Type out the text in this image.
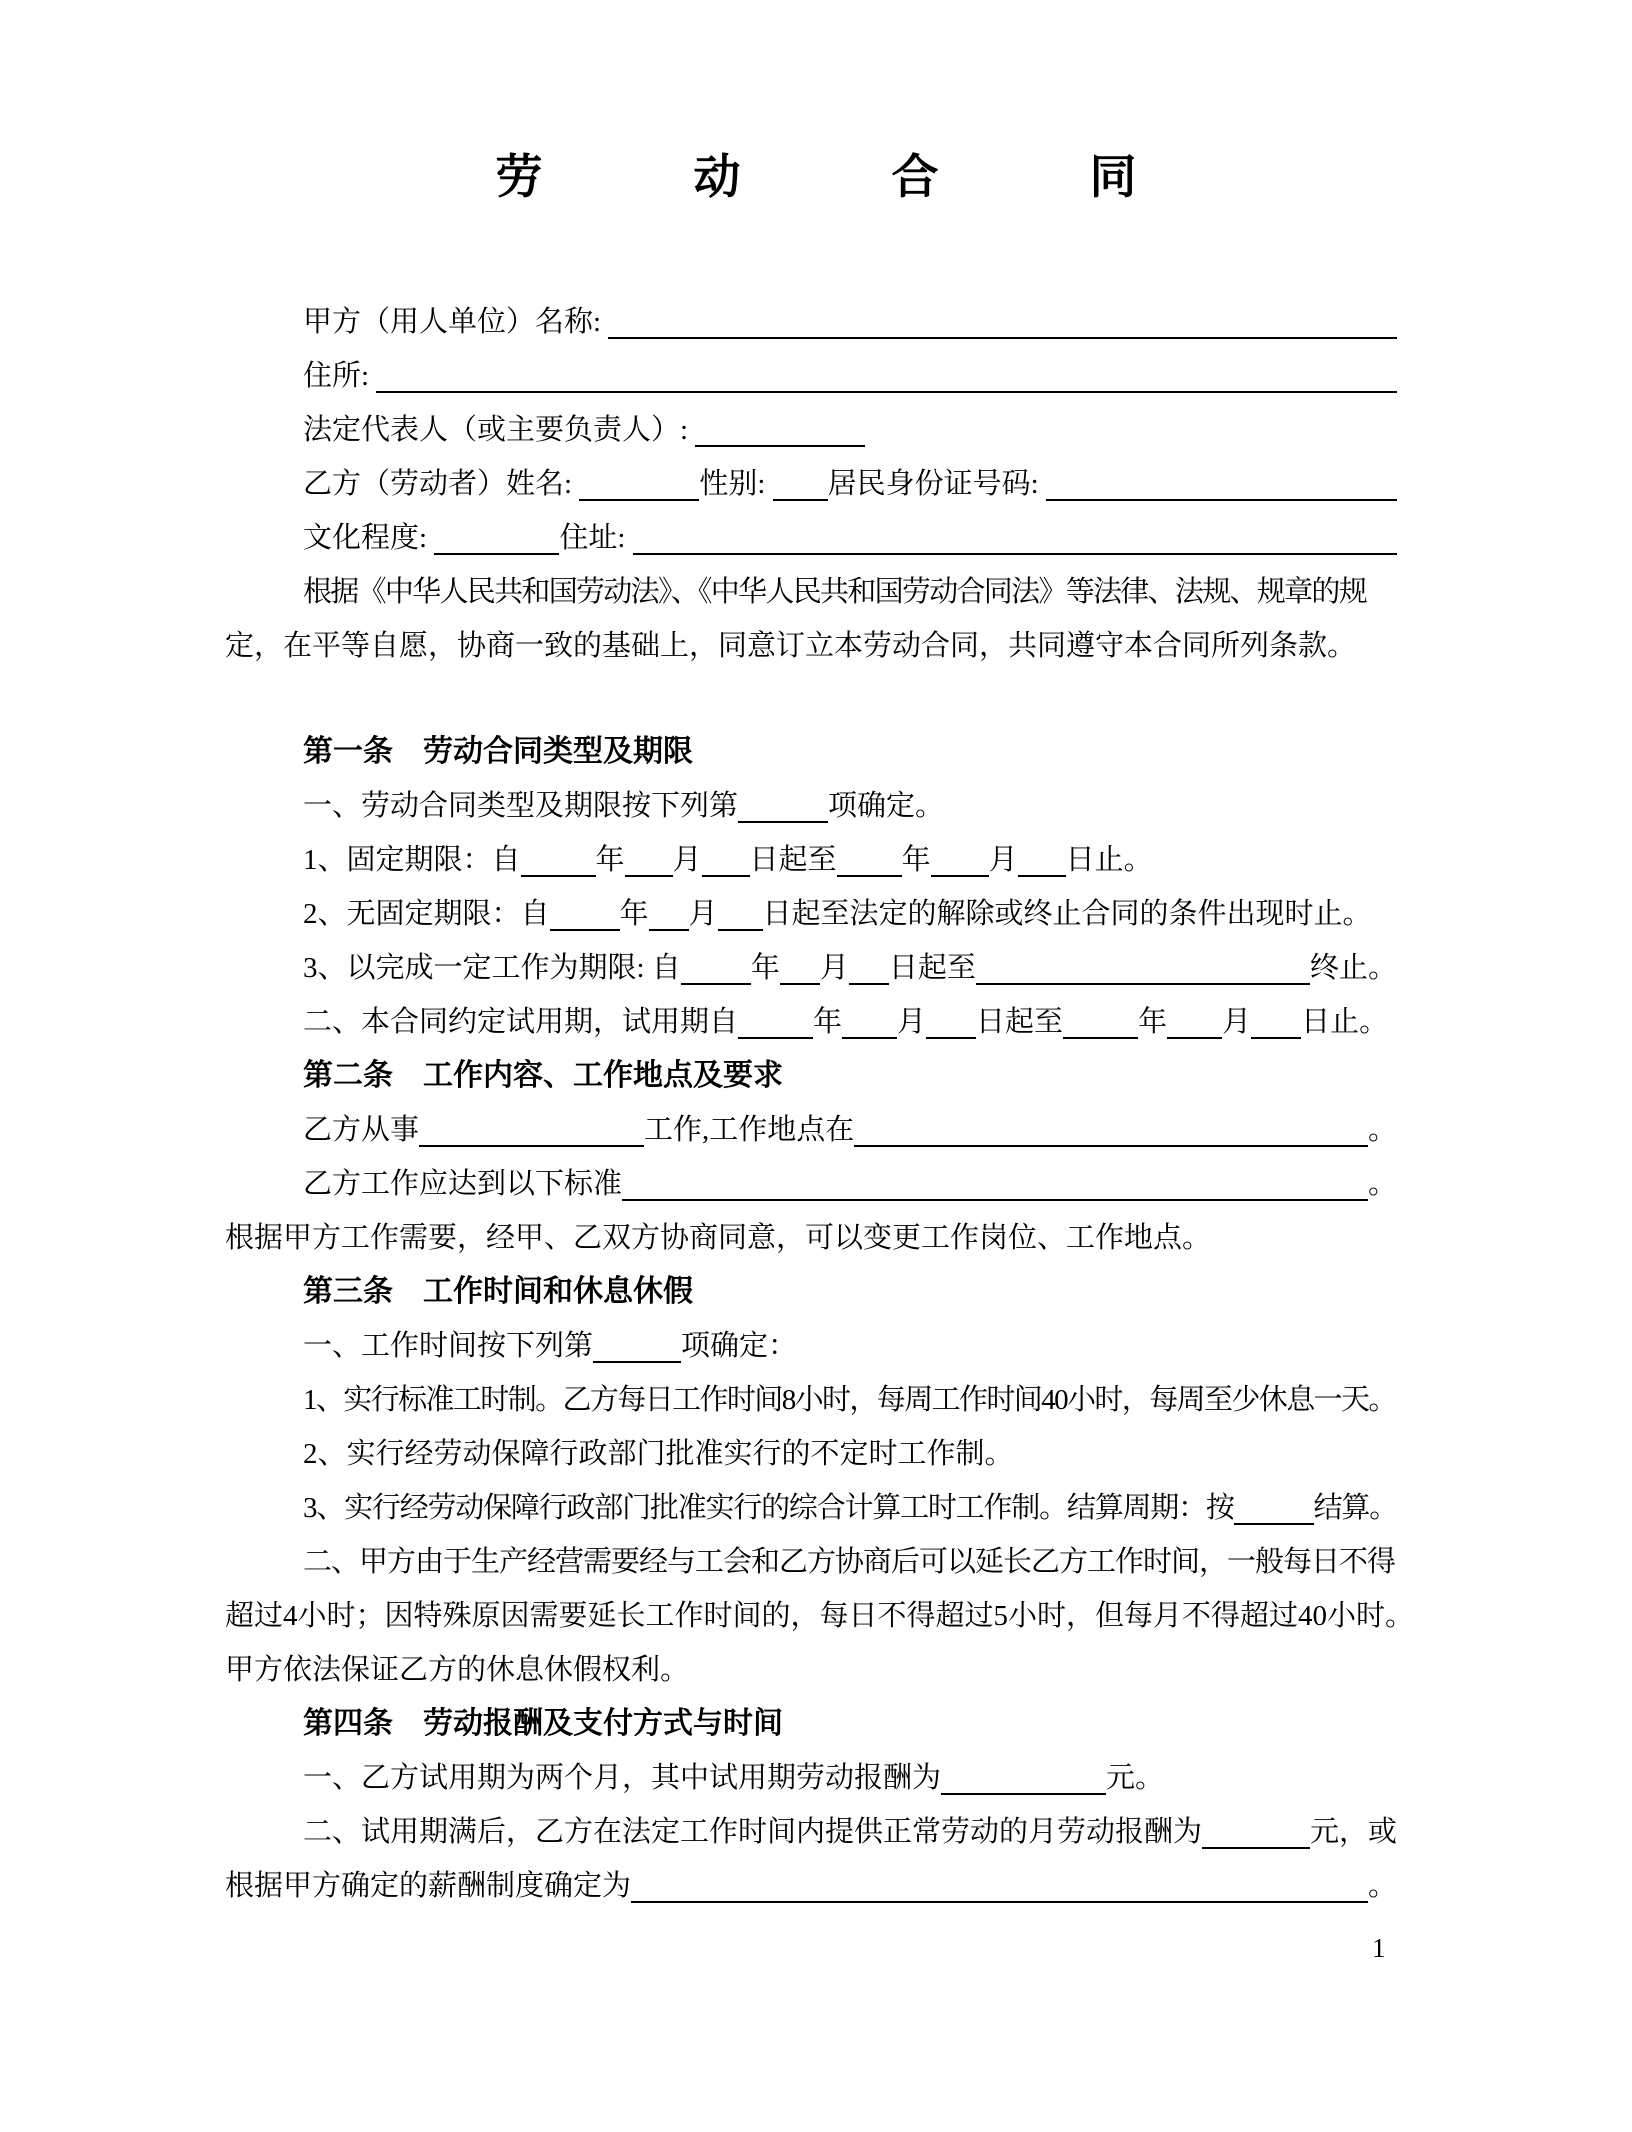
劳　动　合　同
甲方（用人单位）名称:
住所:
法定代表人（或主要负责人）:
乙方（劳动者）姓名:	性别: 居民身份证号码:
文化程度:	住址:
根据《中华人民共和国劳动法》、《中华人民共和国劳动合同法》等法律、法规、规章的规
定，在平等自愿，协商一致的基础上，同意订立本劳动合同，共同遵守本合同所列条款。
第一条　劳动合同类型及期限
一、劳动合同类型及期限按下列第	项确定。
1、固定期限：自	年 月 日起至 年 月 日止。
2、无固定期限：自 年 月 日起至法定的解除或终止合同的条件出现时止。
3、以完成一定工作为期限: 自 年 月 日起至	终止。
二、本合同约定试用期，试用期自	年 月 日起至	年 月 日止。
第二条　工作内容、工作地点及要求
乙方从事	工作,工作地点在	。
乙方工作应达到以下标准	。
根据甲方工作需要，经甲、乙双方协商同意，可以变更工作岗位、工作地点。
第三条　工作时间和休息休假
一、工作时间按下列第	项确定：
1、实行标准工时制。乙方每日工作时间8小时，每周工作时间40小时，每周至少休息一天。
2、实行经劳动保障行政部门批准实行的不定时工作制。
3、实行经劳动保障行政部门批准实行的综合计算工时工作制。结算周期：按	结算。
二、甲方由于生产经营需要经与工会和乙方协商后可以延长乙方工作时间，一般每日不得
超过4小时；因特殊原因需要延长工作时间的，每日不得超过5小时，但每月不得超过40小时。
甲方依法保证乙方的休息休假权利。
第四条　劳动报酬及支付方式与时间
一、乙方试用期为两个月，其中试用期劳动报酬为	元。
二、试用期满后，乙方在法定工作时间内提供正常劳动的月劳动报酬为	元，或
根据甲方确定的薪酬制度确定为	。
1
